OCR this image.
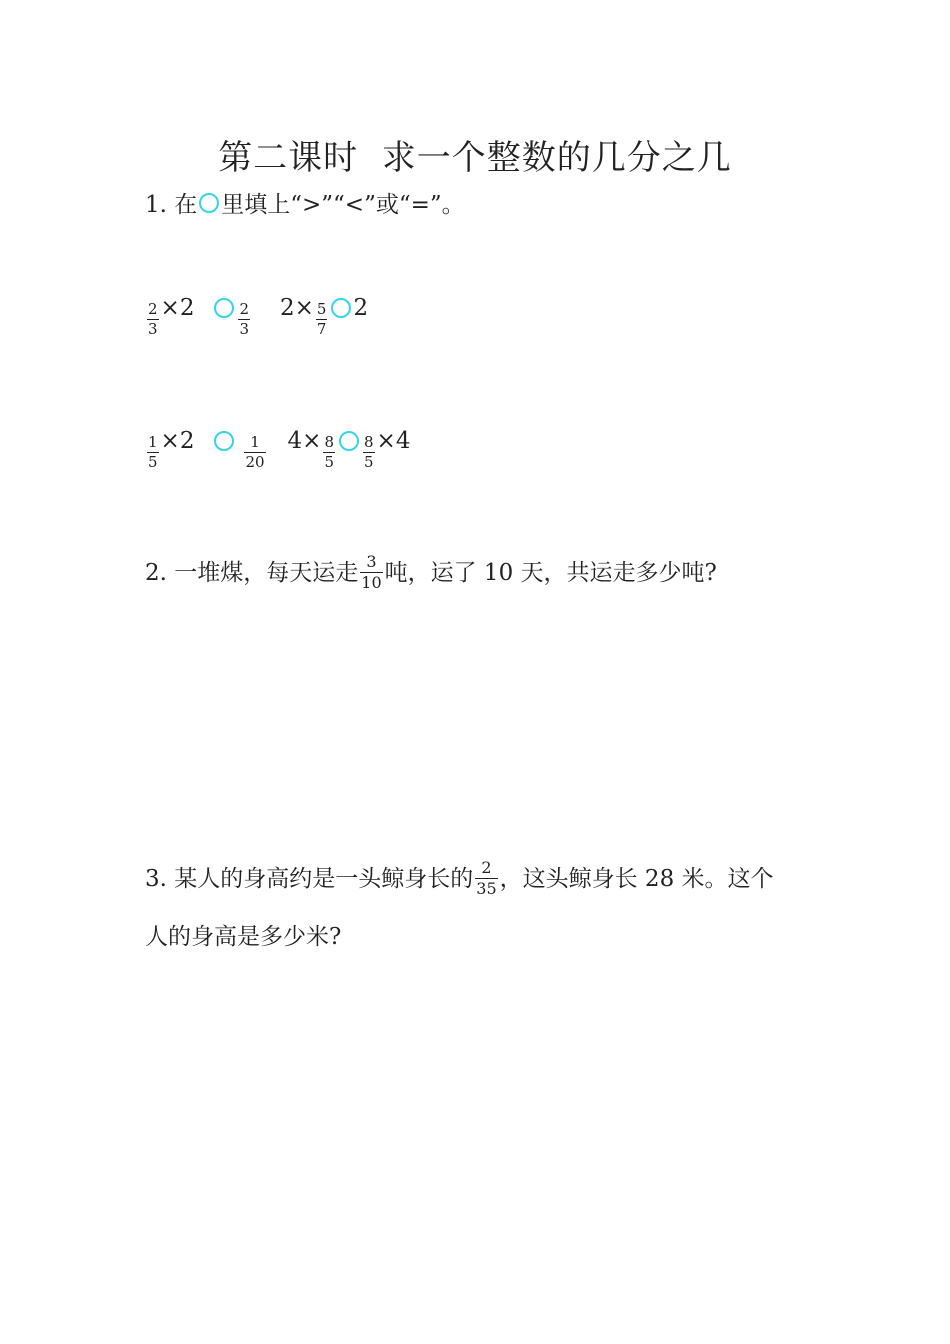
第二课时  求一个整数的几分之几
1. 在 里填上“>”“<”或“=”。
$\frac{2}{3} \times 2$	$\frac{2}{3} 2\times \frac{5}{7} 2$
$\frac{1}{5} \times 2$	$\frac{1}{20} 4\times \frac{8}{5} \frac{8}{5} \times 4$
2. 一堆煤，每天运走 $\frac{3}{10}$ 吨，运了 10 天，共运走多少吨?
3. 某人的身高约是一头鲸身长的 $\frac{2}{35}$ ，这头鲸身长 28 米。这个
人的身高是多少米?
